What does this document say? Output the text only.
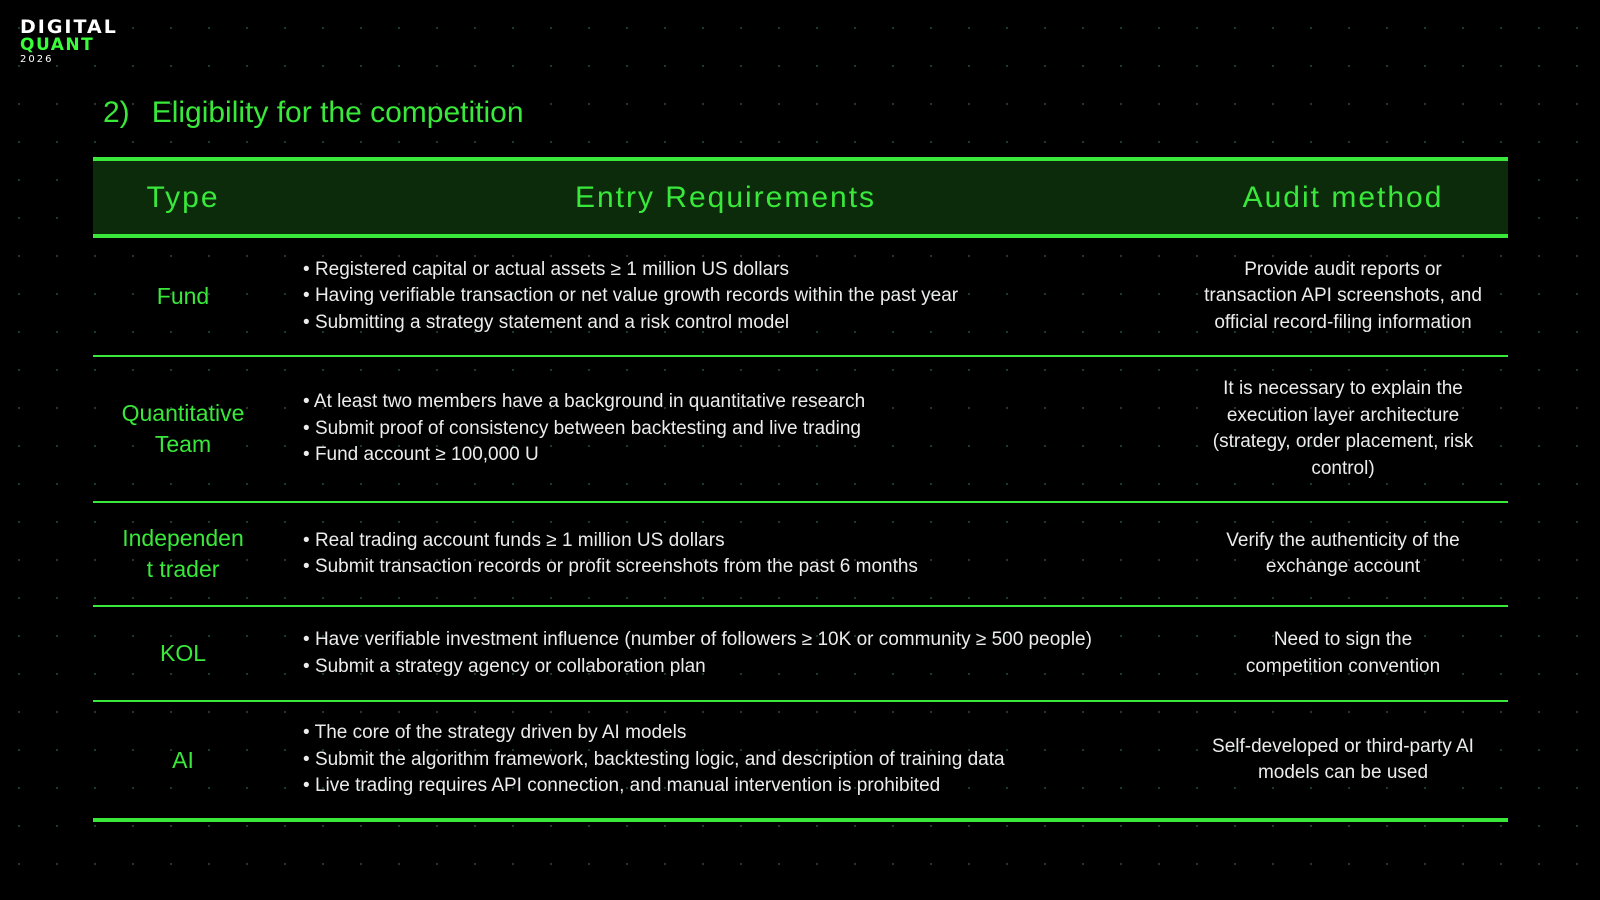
DIGITAL
QUANT
2026
2) Eligibility for the competition
Type	Entry Requirements	Audit method
Fund
• Registered capital or actual assets ≥ 1 million US dollars
• Having verifiable transaction or net value growth records within the past year
• Submitting a strategy statement and a risk control model
Provide audit reports or transaction API screenshots, and official record-filing information
Quantitative Team
• At least two members have a background in quantitative research
• Submit proof of consistency between backtesting and live trading
• Fund account ≥ 100,000 U
It is necessary to explain the execution layer architecture (strategy, order placement, risk control)
Independent trader
• Real trading account funds ≥ 1 million US dollars
• Submit transaction records or profit screenshots from the past 6 months
Verify the authenticity of the exchange account
KOL
• Have verifiable investment influence (number of followers ≥ 10K or community ≥ 500 people)
• Submit a strategy agency or collaboration plan
Need to sign the competition convention
AI
• The core of the strategy driven by AI models
• Submit the algorithm framework, backtesting logic, and description of training data
• Live trading requires API connection, and manual intervention is prohibited
Self-developed or third-party AI models can be used
